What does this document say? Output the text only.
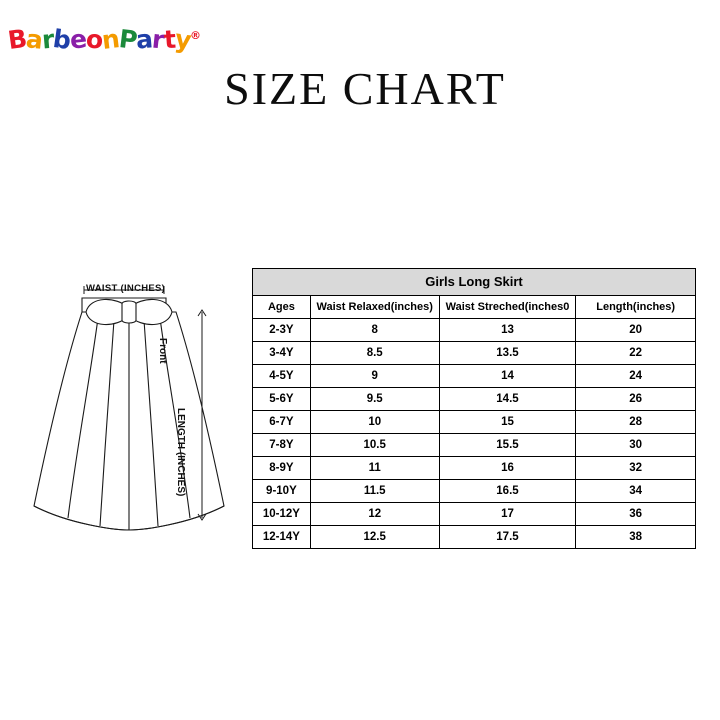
BarbeonParty®
SIZE CHART
WAIST (INCHES)
Front
LENGTH (INCHES)
Girls Long Skirt			
Ages	Waist Relaxed(inches)	Waist Streched(inches0	Length(inches)
2-3Y	8	13	20
3-4Y	8.5	13.5	22
4-5Y	9	14	24
5-6Y	9.5	14.5	26
6-7Y	10	15	28
7-8Y	10.5	15.5	30
8-9Y	11	16	32
9-10Y	11.5	16.5	34
10-12Y	12	17	36
12-14Y	12.5	17.5	38
